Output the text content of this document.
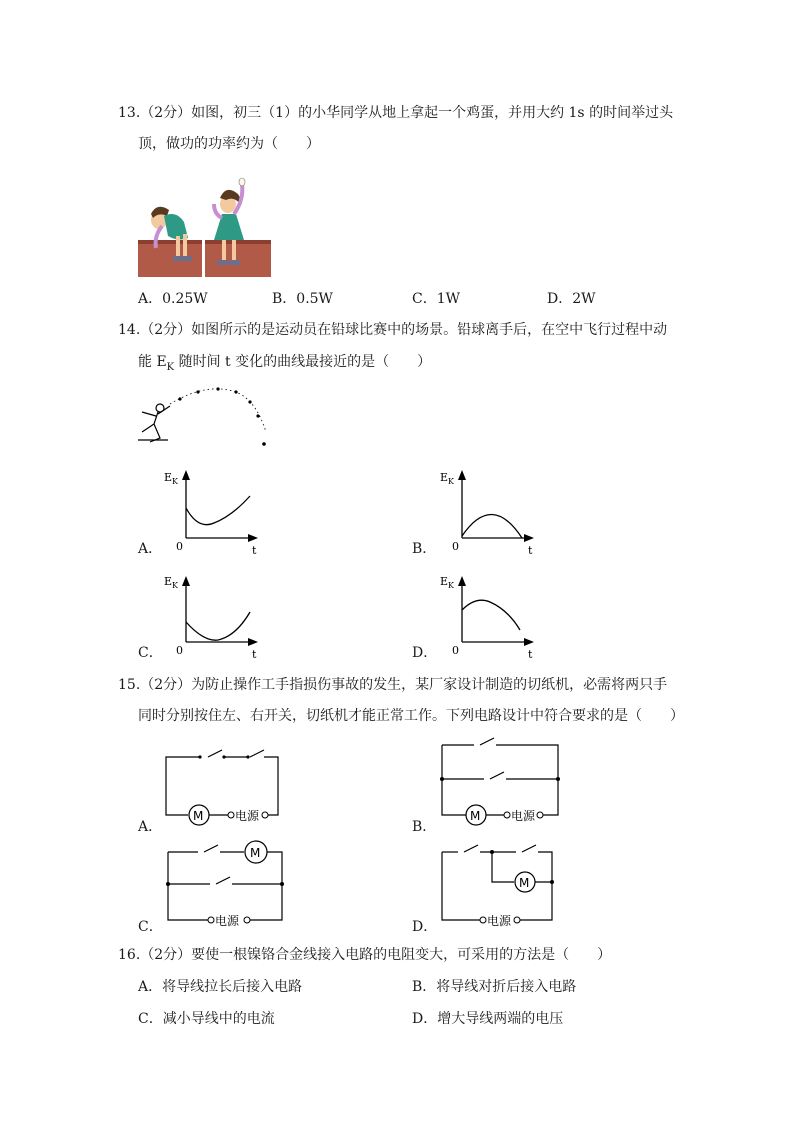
13.（2分）如图，初三（1）的小华同学从地上拿起一个鸡蛋，并用大约 1s 的时间举过头
顶，做功的功率约为（　　）
A．0.25W	B．0.5W	C．1W	D．2W
14.（2分）如图所示的是运动员在铅球比赛中的场景。铅球离手后，在空中飞行过程中动
能 $E_K$ 随时间 t 变化的曲线最接近的是（　　）
E K
0	t
A．
E K
0	t
B．
E K
0	t
C．
E K
0	t
D．
15.（2分）为防止操作工手指损伤事故的发生，某厂家设计制造的切纸机，必需将两只手
同时分别按住左、右开关，切纸机才能正常工作。下列电路设计中符合要求的是（　　）
M	电源
A．
M	电源
B．
M
电源
C．
M
电源
D．
16.（2分）要使一根镍铬合金线接入电路的电阻变大，可采用的方法是（　　）
A．将导线拉长后接入电路	B．将导线对折后接入电路
C．减小导线中的电流	D．增大导线两端的电压
